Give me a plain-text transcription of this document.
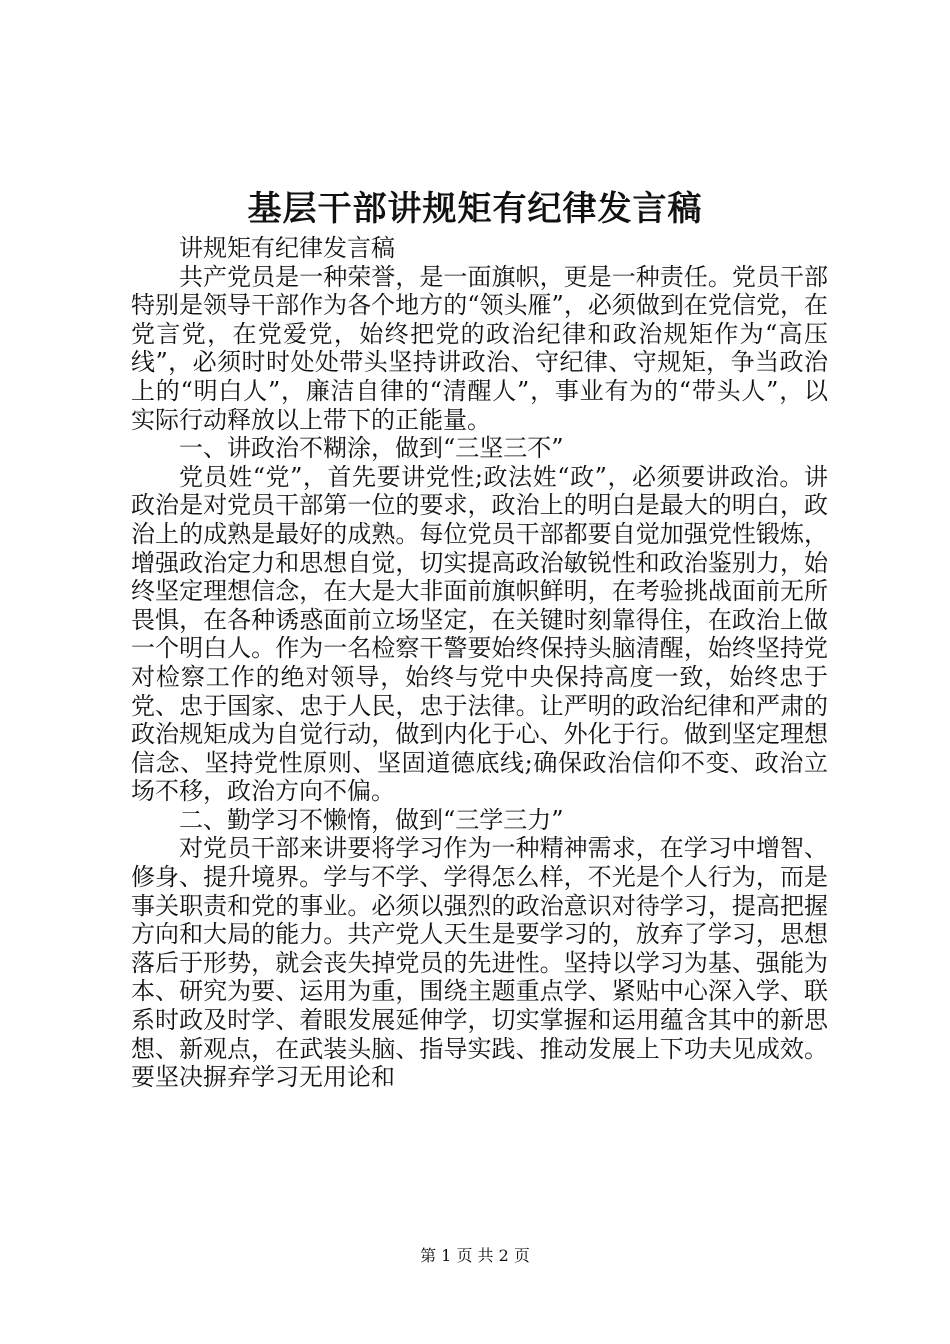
基层干部讲规矩有纪律发言稿

讲规矩有纪律发言稿

共产党员是一种荣誉，是一面旗帜，更是一种责任。党员干部特别是领导干部作为各个地方的“领头雁”，必须做到在党信党，在党言党，在党爱党，始终把党的政治纪律和政治规矩作为“高压线”，必须时时处处带头坚持讲政治、守纪律、守规矩，争当政治上的“明白人”，廉洁自律的“清醒人”，事业有为的“带头人”，以实际行动释放以上带下的正能量。

一、讲政治不糊涂，做到“三坚三不”

党员姓“党”，首先要讲党性;政法姓“政”，必须要讲政治。讲政治是对党员干部第一位的要求，政治上的明白是最大的明白，政治上的成熟是最好的成熟。每位党员干部都要自觉加强党性锻炼，增强政治定力和思想自觉，切实提高政治敏锐性和政治鉴别力，始终坚定理想信念，在大是大非面前旗帜鲜明，在考验挑战面前无所畏惧，在各种诱惑面前立场坚定，在关键时刻靠得住，在政治上做一个明白人。作为一名检察干警要始终保持头脑清醒，始终坚持党对检察工作的绝对领导，始终与党中央保持高度一致，始终忠于党、忠于国家、忠于人民，忠于法律。让严明的政治纪律和严肃的政治规矩成为自觉行动，做到内化于心、外化于行。做到坚定理想信念、坚持党性原则、坚固道德底线;确保政治信仰不变、政治立场不移，政治方向不偏。

二、勤学习不懒惰，做到“三学三力”

对党员干部来讲要将学习作为一种精神需求，在学习中增智、修身、提升境界。学与不学、学得怎么样，不光是个人行为，而是事关职责和党的事业。必须以强烈的政治意识对待学习，提高把握方向和大局的能力。共产党人天生是要学习的，放弃了学习，思想落后于形势，就会丧失掉党员的先进性。坚持以学习为基、强能为本、研究为要、运用为重，围绕主题重点学、紧贴中心深入学、联系时政及时学、着眼发展延伸学，切实掌握和运用蕴含其中的新思想、新观点，在武装头脑、指导实践、推动发展上下功夫见成效。要坚决摒弃学习无用论和

第 1 页 共 2 页
